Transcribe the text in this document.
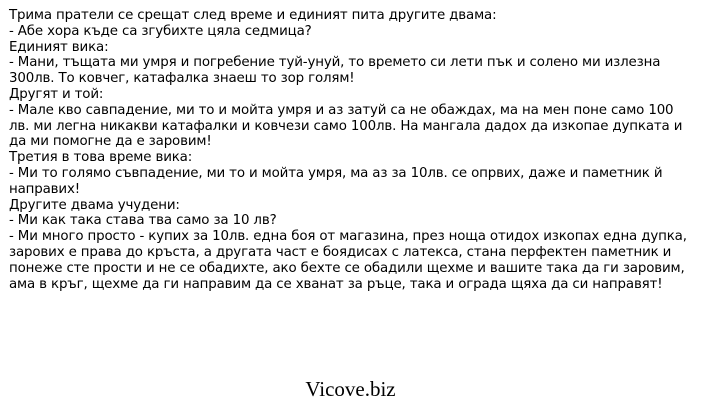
Трима пратели се срещат след време и единият пита другите двама:
- Абе хора къде са згубихте цяла седмица?
Единият вика:
- Мани, тъщата ми умря и погребение туй-унуй, то времето си лети пък и солено ми излезна 300лв. То ковчег, катафалка знаеш то зор голям!
Другят и той:
- Мале кво савпадение, ми то и мойта умря и аз затуй са не обаждах, ма на мен поне само 100 лв. ми легна никакви катафалки и ковчези само 100лв. На мангала дадох да изкопае дупката и да ми помогне да е заровим!
Третия в това време вика:
- Ми то голямо съвпадение, ми то и мойта умря, ма аз за 10лв. се опрвих, даже и паметник й направих!
Другите двама учудени:
- Ми как така става тва само за 10 лв?
- Ми много просто - купих за 10лв. една боя от магазина, през ноща отидох изкопах една дупка, зарових е права до кръста, а другата част е боядисах с латекса, стана перфектен паметник и понеже сте прости и не се обадихте, ако бехте се обадили щехме и вашите така да ги заровим, ама в кръг, щехме да ги направим да се хванат за ръце, така и ограда щяха да си направят!
Vicove.biz
